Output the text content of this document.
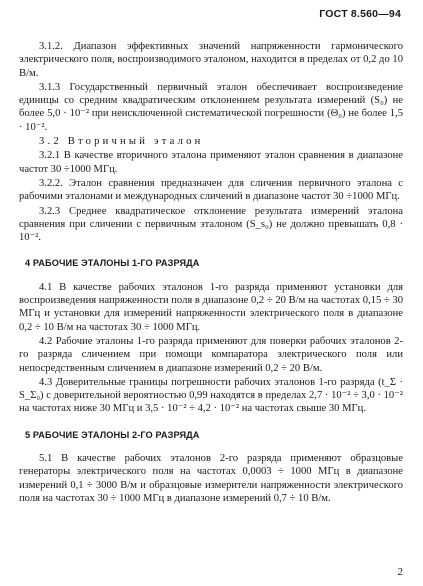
ГОСТ 8.560—94

3.1.2. Диапазон эффективных значений напряженности гармонического электрического поля, воспроизводимого эталоном, находится в пределах от 0,2 до 10 В/м.

3.1.3 Государственный первичный эталон обеспечивает воспроизведение единицы со средним квадратическим отклонением результата измерений (S₀) не более 5,0 · 10⁻² при неисключенной систематической погрешности (Θ₀) не более 1,5 · 10⁻².

3.2 Вторичный эталон

3.2.1 В качестве вторичного эталона применяют эталон сравнения в диапазоне частот 30 ÷1000 МГц.

3.2.2. Эталон сравнения предназначен для сличения первичного эталона с рабочими эталонами и международных сличений в диапазоне частот 30 ÷1000 МГц.

3.2.3 Среднее квадратическое отклонение результата измерений эталона сравнения при сличении с первичным эталоном (S_s₀) не должно превышать 0,8 · 10⁻².

4 РАБОЧИЕ ЭТАЛОНЫ 1-ГО РАЗРЯДА

4.1 В качестве рабочих эталонов 1-го разряда применяют установки для воспроизведения напряженности поля в диапазоне 0,2 ÷ 20 В/м на частотах 0,15 ÷ 30 МГц и установки для измерений напряженности электрического поля в диапазоне 0,2 ÷ 10 В/м на частотах 30 ÷ 1000 МГц.

4.2 Рабочие эталоны 1-го разряда применяют для поверки рабочих эталонов 2-го разряда сличением при помощи компаратора электрического поля или непосредственным сличением в диапазоне измерений 0,2 ÷ 20 В/м.

4.3 Доверительные границы погрешности рабочих эталонов 1-го разряда (t_Σ · S_Σ₀) с доверительной вероятностью 0,99 находятся в пределах 2,7 · 10⁻² ÷ 3,0 · 10⁻² на частотах ниже 30 МГц и 3,5 · 10⁻² ÷ 4,2 · 10⁻² на частотах свыше 30 МГц.

5 РАБОЧИЕ ЭТАЛОНЫ 2-ГО РАЗРЯДА

5.1 В качестве рабочих эталонов 2-го разряда применяют образцовые генераторы электрического поля на частотах 0,0003 ÷ 1000 МГц в диапазоне измерений 0,1 ÷ 3000 В/м и образцовые измерители напряженности электрического поля на частотах 30 ÷ 1000 МГц в диапазоне измерений 0,7 ÷ 10 В/м.

2
